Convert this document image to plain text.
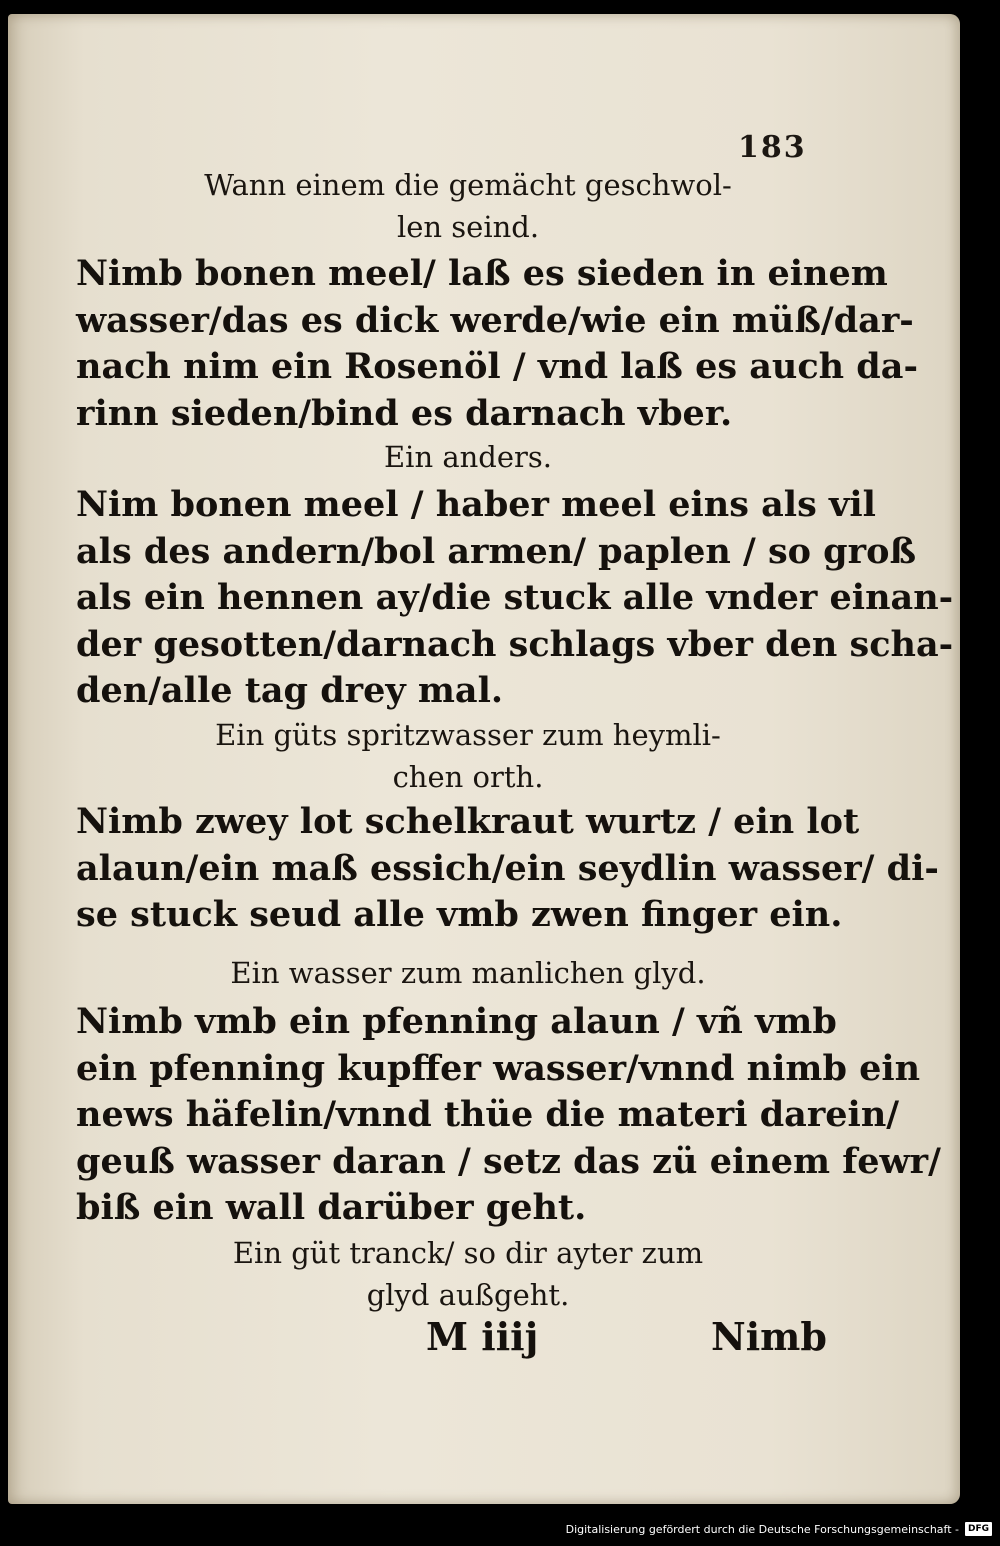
183
Wann einem die gemächt geschwol-
len seind.
Nimb bonen meel/ laß es sieden in einem
wasser/das es dick werde/wie ein müß/dar-
nach nim ein Rosenöl / vnd laß es auch da-
rinn sieden/bind es darnach vber.
Ein anders.
Nim bonen meel / haber meel eins als vil
als des andern/bol armen/ paplen / so groß
als ein hennen ay/die stuck alle vnder einan-
der gesotten/darnach schlags vber den scha-
den/alle tag drey mal.
Ein güts spritzwasser zum heymli-
chen orth.
Nimb zwey lot schelkraut wurtz / ein lot
alaun/ein maß essich/ein seydlin wasser/ di-
se stuck seud alle vmb zwen finger ein.
Ein wasser zum manlichen glyd.
Nimb vmb ein pfenning alaun / vñ vmb
ein pfenning kupffer wasser/vnnd nimb ein
news häfelin/vnnd thüe die materi darein/
geuß wasser daran / setz das zü einem fewr/
biß ein wall darüber geht.
Ein güt tranck/ so dir ayter zum
glyd außgeht.
M iiij	Nimb
Digitalisierung gefördert durch die Deutsche Forschungsgemeinschaft -	DFG
